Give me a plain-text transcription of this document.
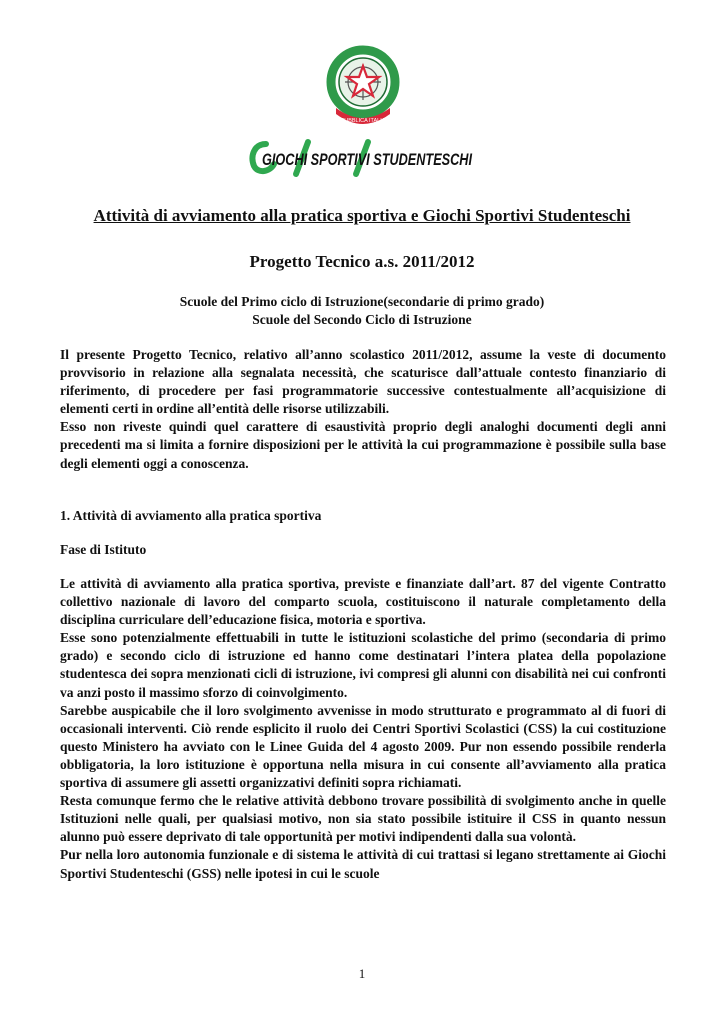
REPUBBLICA ITALIANA
GIOCHI SPORTIVI STUDENTESCHI
Attività di avviamento alla pratica sportiva e Giochi Sportivi Studenteschi
Progetto Tecnico a.s. 2011/2012
Scuole del Primo ciclo di Istruzione(secondarie di primo grado)
Scuole del Secondo Ciclo di Istruzione

Il presente Progetto Tecnico, relativo all’anno scolastico 2011/2012, assume la veste di documento provvisorio in relazione alla segnalata necessità, che scaturisce dall’attuale contesto finanziario di riferimento, di procedere per fasi programmatorie successive contestualmente all’acquisizione di elementi certi in ordine all’entità delle risorse utilizzabili.

Esso non riveste quindi quel carattere di esaustività proprio degli analoghi documenti degli anni precedenti ma si limita a fornire disposizioni per le attività la cui programmazione è possibile sulla base degli elementi oggi a conoscenza.

1. Attività di avviamento alla pratica sportiva
Fase di Istituto

Le attività di avviamento alla pratica sportiva, previste e finanziate dall’art. 87 del vigente Contratto collettivo nazionale di lavoro del comparto scuola, costituiscono il naturale completamento della disciplina curriculare dell’educazione fisica, motoria e sportiva.

Esse sono potenzialmente effettuabili in tutte le istituzioni scolastiche del primo (secondaria di primo grado) e secondo ciclo di istruzione ed hanno come destinatari l’intera platea della popolazione studentesca dei sopra menzionati cicli di istruzione, ivi compresi gli alunni con disabilità nei cui confronti va anzi posto il massimo sforzo di coinvolgimento.

Sarebbe auspicabile che il loro svolgimento avvenisse in modo strutturato e programmato al di fuori di occasionali interventi. Ciò rende esplicito il ruolo dei Centri Sportivi Scolastici (CSS) la cui costituzione questo Ministero ha avviato con le Linee Guida del 4 agosto 2009. Pur non essendo possibile renderla obbligatoria, la loro istituzione è opportuna nella misura in cui consente all’avviamento alla pratica sportiva di assumere gli assetti organizzativi definiti sopra richiamati.

Resta comunque fermo che le relative attività debbono trovare possibilità di svolgimento anche in quelle Istituzioni nelle quali, per qualsiasi motivo, non sia stato possibile istituire il CSS in quanto nessun alunno può essere deprivato di tale opportunità per motivi indipendenti dalla sua volontà.

Pur nella loro autonomia funzionale e di sistema le attività di cui trattasi si legano strettamente ai Giochi Sportivi Studenteschi (GSS) nelle ipotesi in cui le scuole

1
